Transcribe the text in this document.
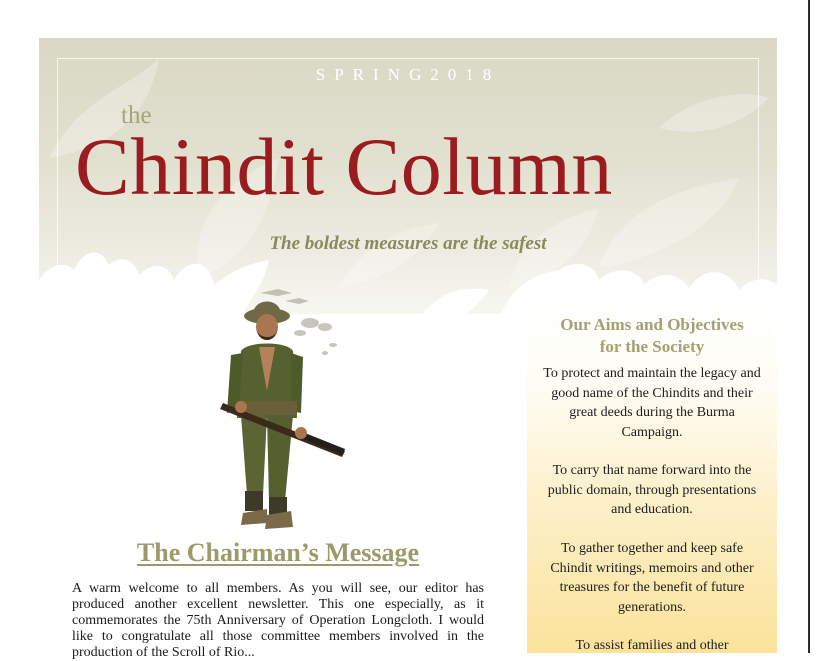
SPRING2018
the
Chindit Column
The boldest measures are the safest
The Chairman’s Message

A warm welcome to all members. As you will see, our editor has produced another excellent newsletter. This one especially, as it commemorates the 75th Anniversary of Operation Longcloth. I would like to congratulate all those committee members involved in the production of the Scroll of Rio...

Our Aims and Objectives
for the Society

To protect and maintain the legacy and good name of the Chindits and their great deeds during the Burma Campaign.

To carry that name forward into the public domain, through presentations and education.

To gather together and keep safe Chindit writings, memoirs and other treasures for the benefit of future generations.

To assist families and other
